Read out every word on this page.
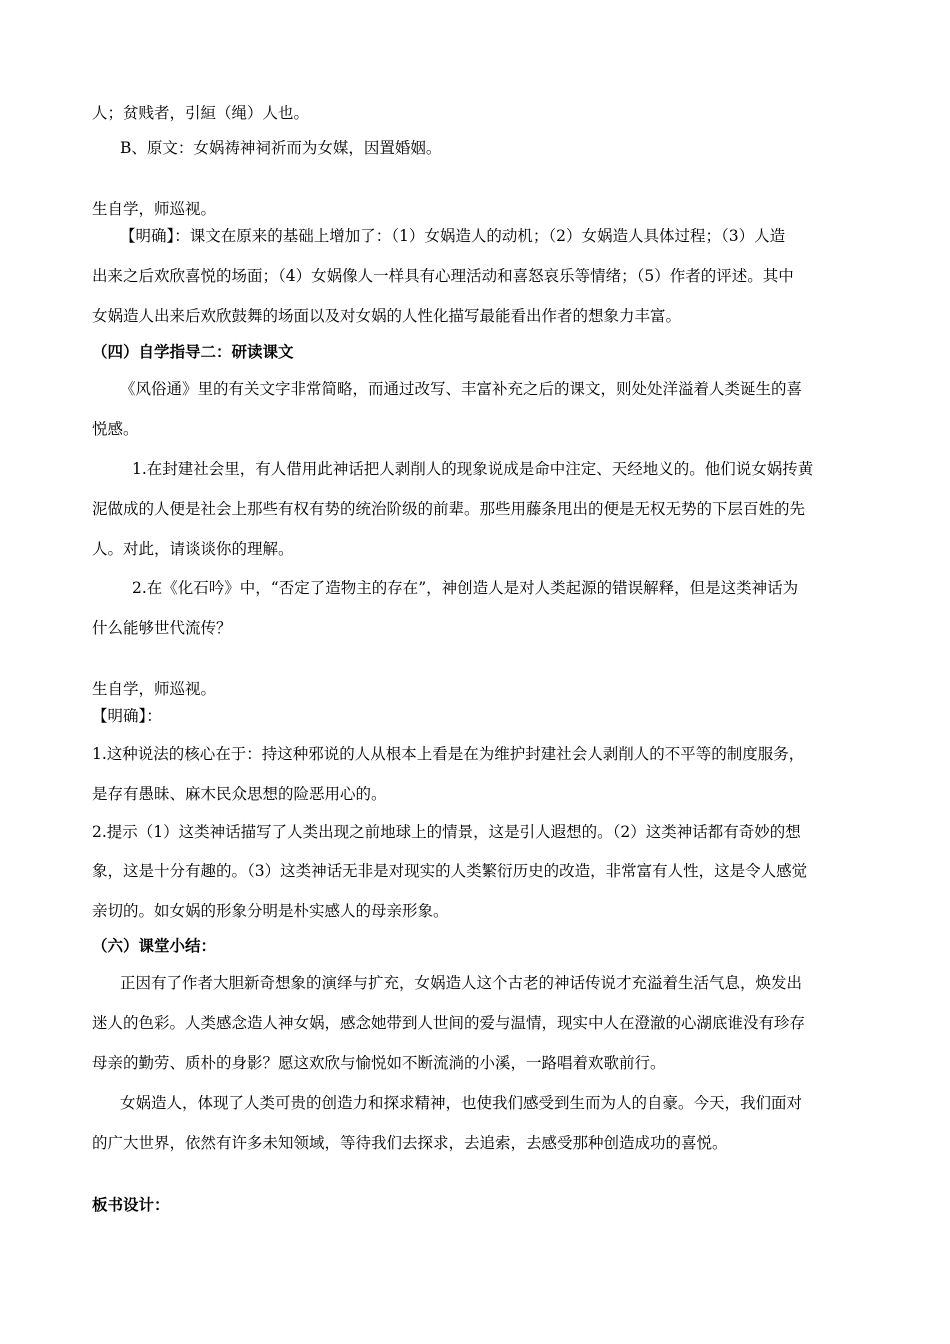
人；贫贱者，引絙（绳）人也。
B、原文：女娲祷神祠祈而为女媒，因置婚姻。
生自学，师巡视。
【明确】：课文在原来的基础上增加了：（1）女娲造人的动机；（2）女娲造人具体过程；（3）人造
出来之后欢欣喜悦的场面；（4）女娲像人一样具有心理活动和喜怒哀乐等情绪；（5）作者的评述。其中
女娲造人出来后欢欣鼓舞的场面以及对女娲的人性化描写最能看出作者的想象力丰富。
（四）自学指导二：研读课文
《风俗通》里的有关文字非常简略，而通过改写、丰富补充之后的课文，则处处洋溢着人类诞生的喜
悦感。
1.在封建社会里，有人借用此神话把人剥削人的现象说成是命中注定、天经地义的。他们说女娲抟黄
泥做成的人便是社会上那些有权有势的统治阶级的前辈。那些用藤条甩出的便是无权无势的下层百姓的先
人。对此，请谈谈你的理解。
2.在《化石吟》中，“否定了造物主的存在”，神创造人是对人类起源的错误解释，但是这类神话为
什么能够世代流传？
生自学，师巡视。
【明确】：
1.这种说法的核心在于：持这种邪说的人从根本上看是在为维护封建社会人剥削人的不平等的制度服务，
是存有愚昧、麻木民众思想的险恶用心的。
2.提示（1）这类神话描写了人类出现之前地球上的情景，这是引人遐想的。（2）这类神话都有奇妙的想
象，这是十分有趣的。（3）这类神话无非是对现实的人类繁衍历史的改造，非常富有人性，这是令人感觉
亲切的。如女娲的形象分明是朴实感人的母亲形象。
（六）课堂小结：
正因有了作者大胆新奇想象的演绎与扩充，女娲造人这个古老的神话传说才充溢着生活气息，焕发出
迷人的色彩。人类感念造人神女娲，感念她带到人世间的爱与温情，现实中人在澄澈的心湖底谁没有珍存
母亲的勤劳、质朴的身影？愿这欢欣与愉悦如不断流淌的小溪，一路唱着欢歌前行。
女娲造人，体现了人类可贵的创造力和探求精神，也使我们感受到生而为人的自豪。今天，我们面对
的广大世界，依然有许多未知领域，等待我们去探求，去追索，去感受那种创造成功的喜悦。
板书设计：
